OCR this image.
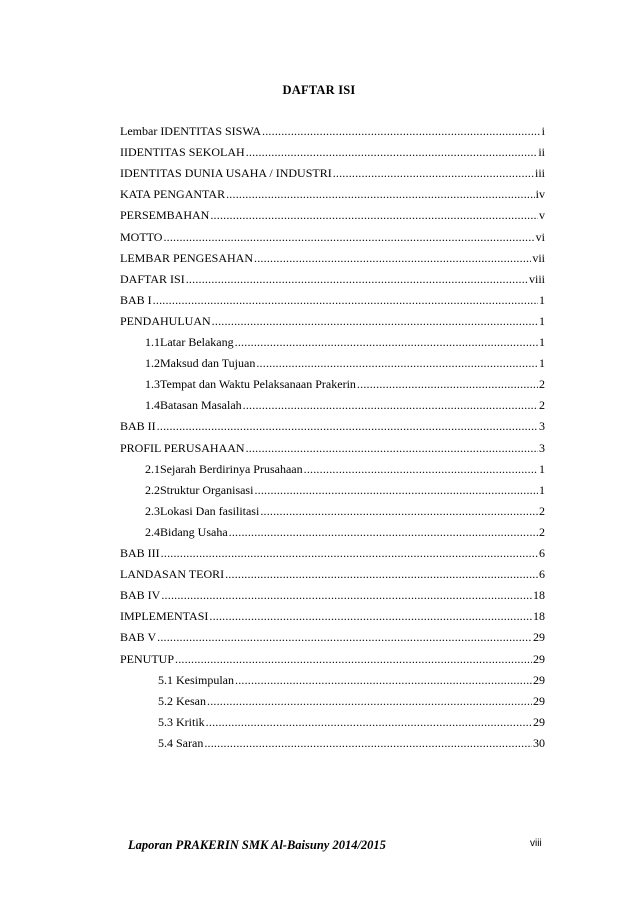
DAFTAR ISI
Lembar IDENTITAS SISWA .....	i
IIDENTITAS SEKOLAH .....	ii
IDENTITAS DUNIA USAHA / INDUSTRI .....	iii
KATA PENGANTAR .....	iv
PERSEMBAHAN .....	v
MOTTO .....	vi
LEMBAR PENGESAHAN .....	vii
DAFTAR ISI .....	viii
BAB I .....	1
PENDAHULUAN .....	1
1.1 Latar Belakang .....	1
1.2 Maksud dan Tujuan .....	1
1.3 Tempat dan Waktu Pelaksanaan Prakerin .....	2
1.4 Batasan Masalah .....	2
BAB II .....	3
PROFIL PERUSAHAAN .....	3
2.1 Sejarah Berdirinya Prusahaan .....	1
2.2 Struktur Organisasi .....	1
2.3 Lokasi Dan fasilitasi .....	2
2.4 Bidang Usaha .....	2
BAB III .....	6
LANDASAN TEORI .....	6
BAB IV .....	18
IMPLEMENTASI .....	18
BAB V .....	29
PENUTUP .....	29
5.1 Kesimpulan .....	29
5.2 Kesan .....	29
5.3 Kritik .....	29
5.4 Saran .....	30
Laporan PRAKERIN SMK Al-Baisuny 2014/2015	viii
